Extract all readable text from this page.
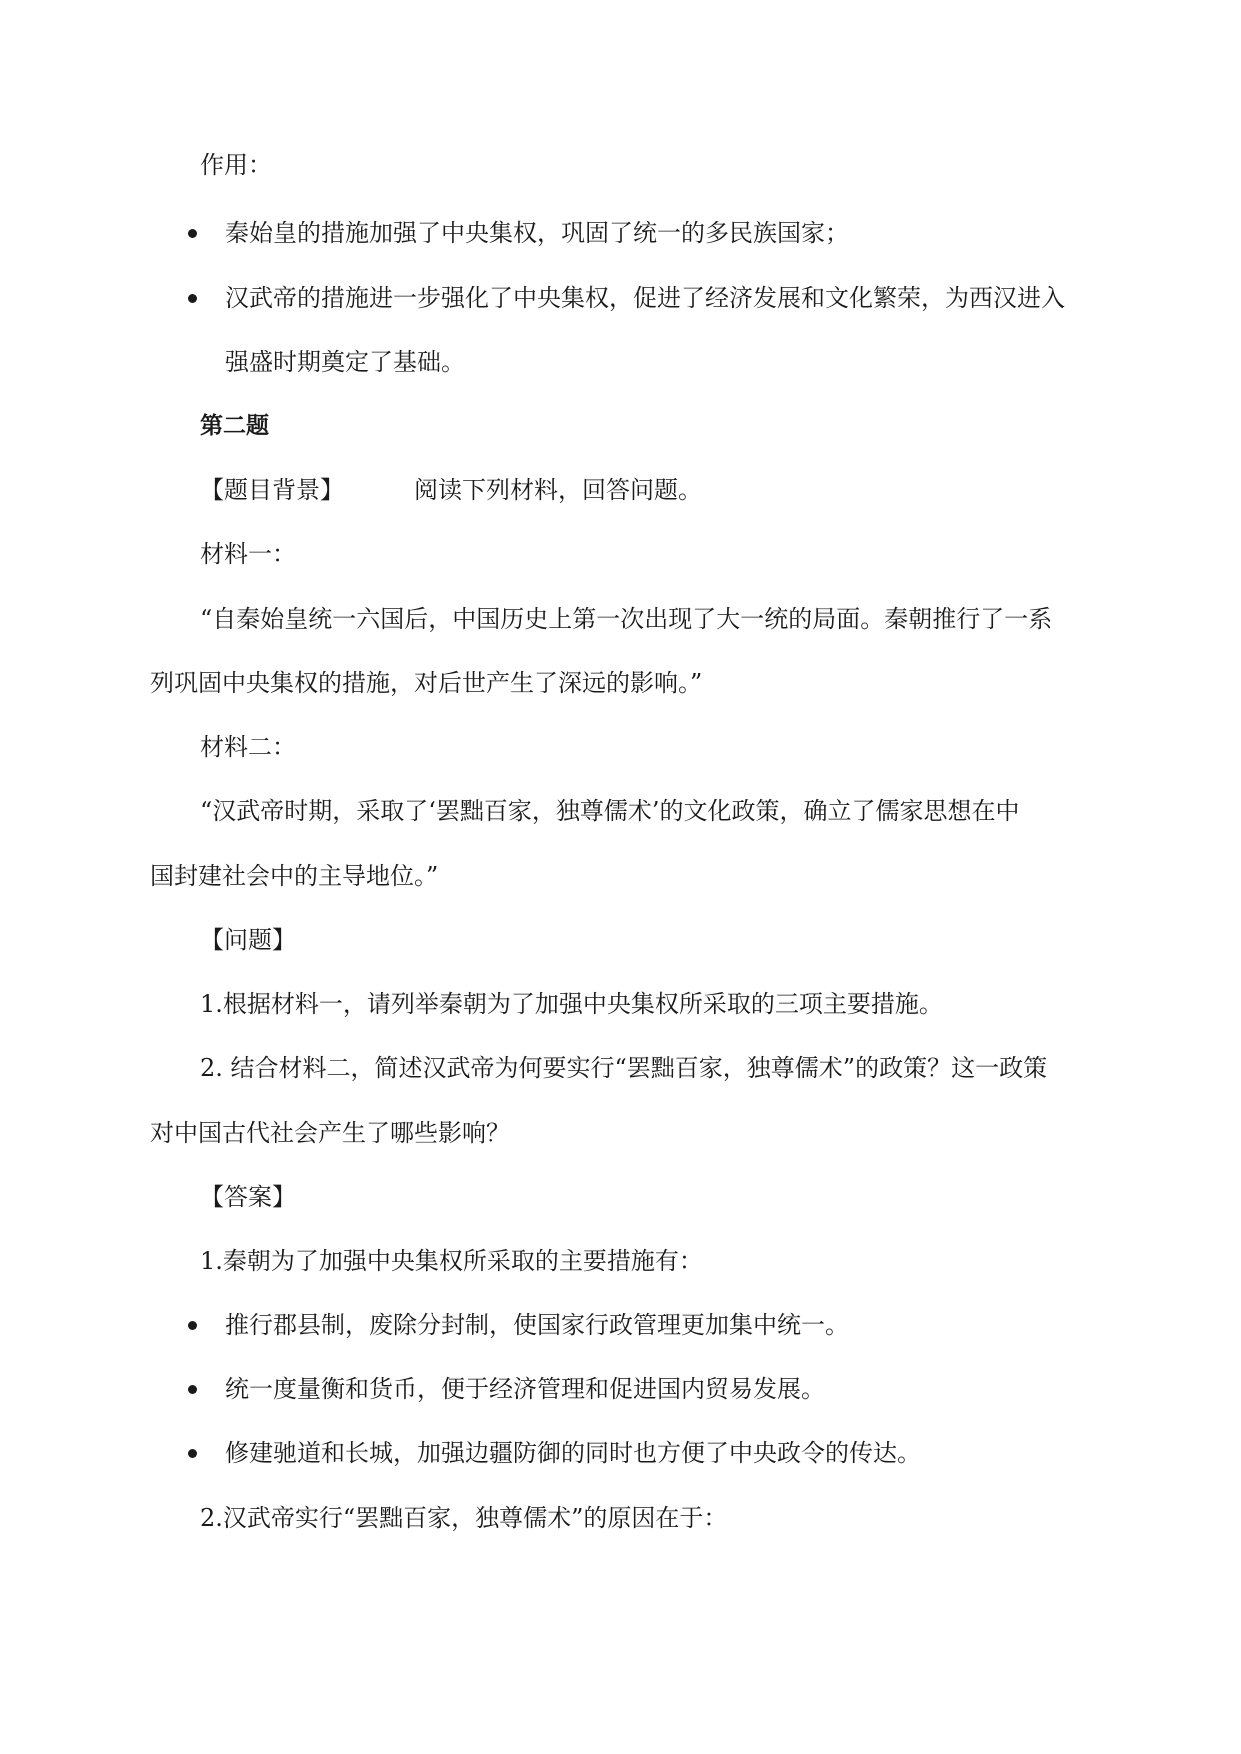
作用：
秦始皇的措施加强了中央集权，巩固了统一的多民族国家；
汉武帝的措施进一步强化了中央集权，促进了经济发展和文化繁荣，为西汉进入
强盛时期奠定了基础。
第二题
【题目背景】	阅读下列材料，回答问题。
材料一：
“自秦始皇统一六国后，中国历史上第一次出现了大一统的局面。秦朝推行了一系
列巩固中央集权的措施，对后世产生了深远的影响。”
材料二：
“汉武帝时期，采取了‘罢黜百家，独尊儒术’的文化政策，确立了儒家思想在中
国封建社会中的主导地位。”
【问题】
1.根据材料一，请列举秦朝为了加强中央集权所采取的三项主要措施。
2. 结合材料二，简述汉武帝为何要实行“罢黜百家，独尊儒术”的政策？这一政策
对中国古代社会产生了哪些影响？
【答案】
1.秦朝为了加强中央集权所采取的主要措施有：
推行郡县制，废除分封制，使国家行政管理更加集中统一。
统一度量衡和货币，便于经济管理和促进国内贸易发展。
修建驰道和长城，加强边疆防御的同时也方便了中央政令的传达。
2.汉武帝实行“罢黜百家，独尊儒术”的原因在于：
